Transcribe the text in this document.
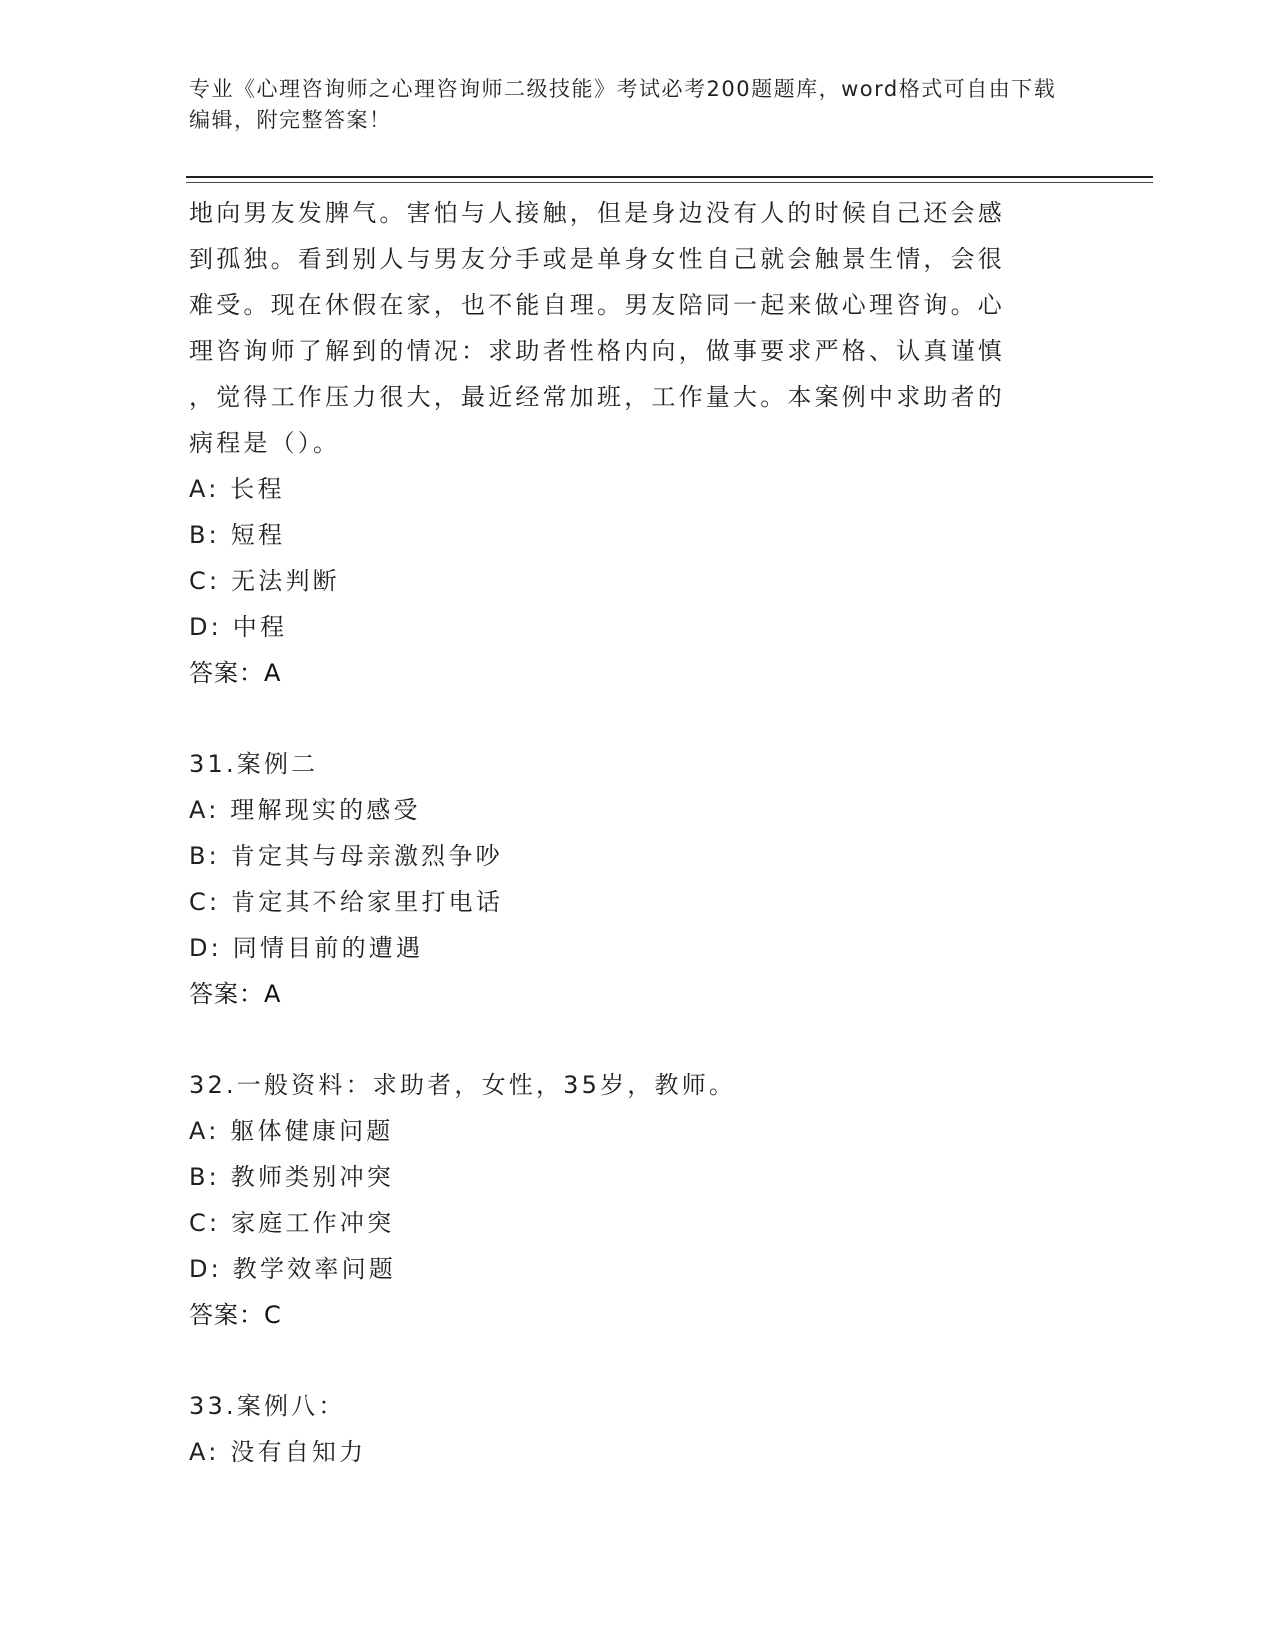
专业《心理咨询师之心理咨询师二级技能》考试必考200题题库，word格式可自由下载编辑，附完整答案！
地向男友发脾气。害怕与人接触，但是身边没有人的时候自己还会感
到孤独。看到别人与男友分手或是单身女性自己就会触景生情，会很
难受。现在休假在家，也不能自理。男友陪同一起来做心理咨询。心
理咨询师了解到的情况：求助者性格内向，做事要求严格、认真谨慎
，觉得工作压力很大，最近经常加班，工作量大。本案例中求助者的
病程是（）。
A: 长程
B: 短程
C: 无法判断
D: 中程
答案：A
31.案例二
A: 理解现实的感受
B: 肯定其与母亲激烈争吵
C: 肯定其不给家里打电话
D: 同情目前的遭遇
答案：A
32.一般资料：求助者，女性，35岁，教师。
A: 躯体健康问题
B: 教师类别冲突
C: 家庭工作冲突
D: 教学效率问题
答案：C
33.案例八：
A: 没有自知力
